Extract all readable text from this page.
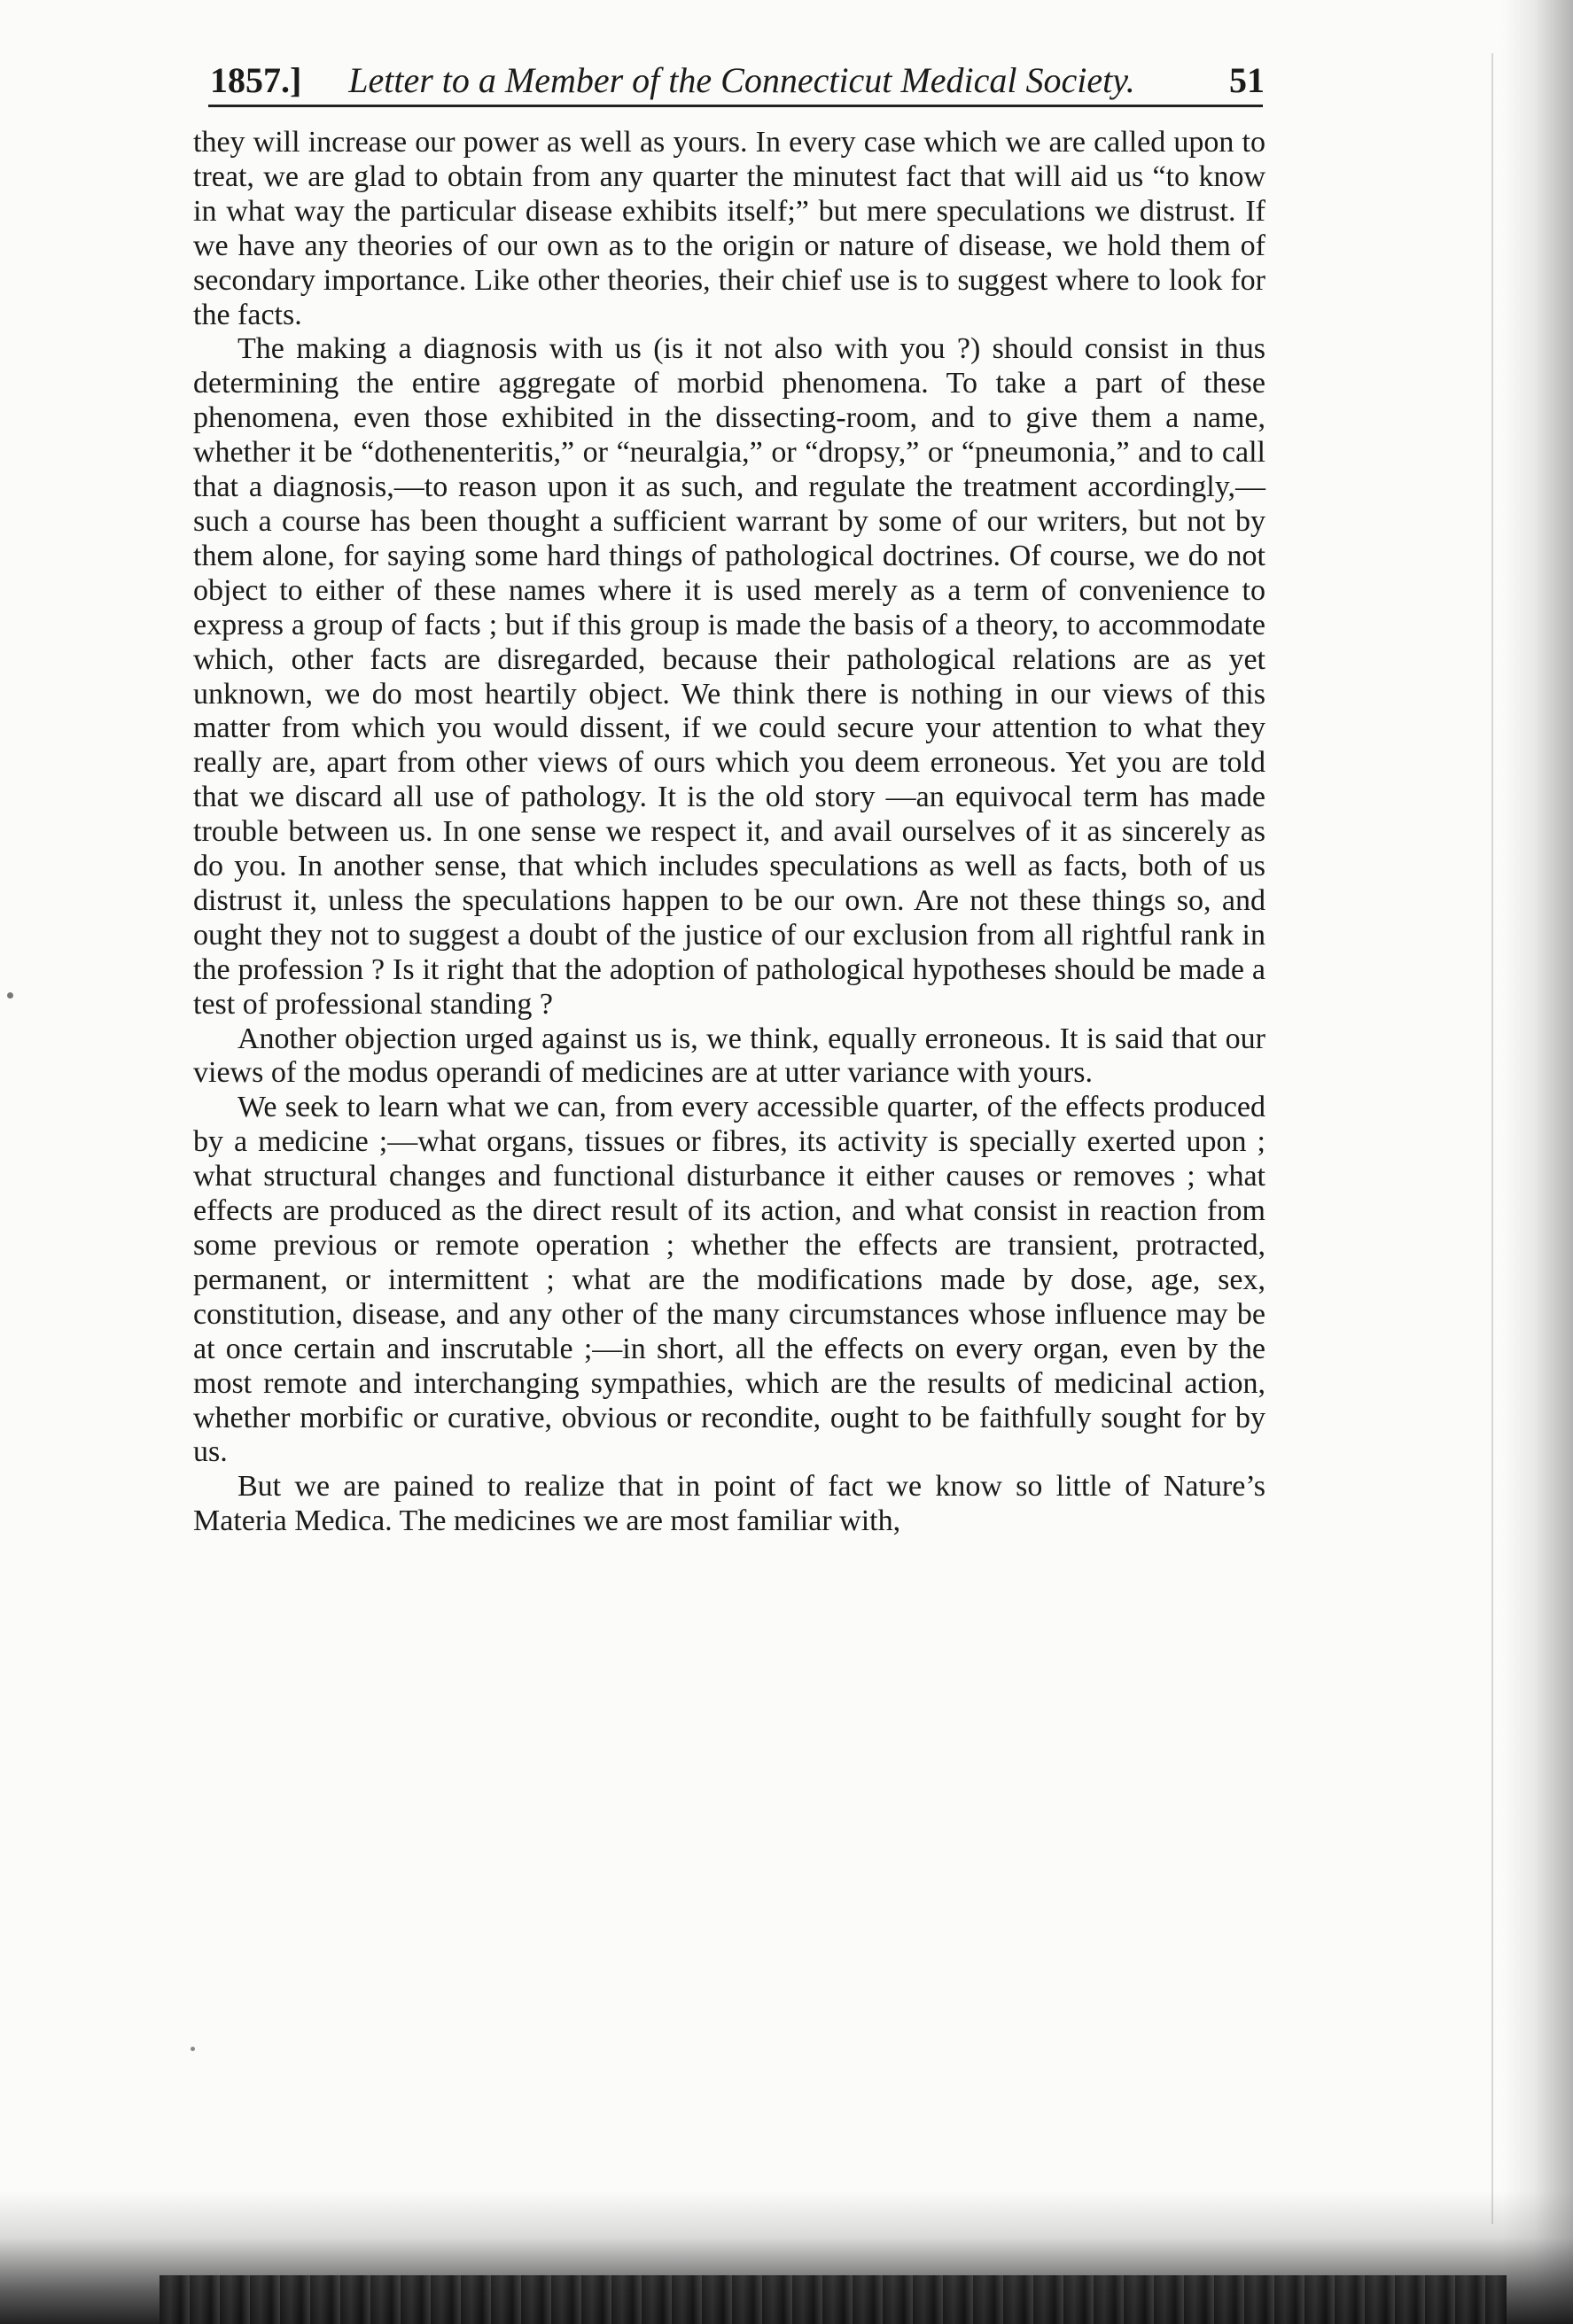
1857.] Letter to a Member of the Connecticut Medical Society.	51

they will increase our power as well as yours. In every case which we are called upon to treat, we are glad to obtain from any quarter the minutest fact that will aid us “to know in what way the particular disease exhibits itself;” but mere speculations we distrust. If we have any theories of our own as to the origin or nature of disease, we hold them of secondary importance. Like other theories, their chief use is to suggest where to look for the facts.

The making a diagnosis with us (is it not also with you ?) should consist in thus determining the entire aggregate of morbid phenomena. To take a part of these phenomena, even those exhibited in the dissecting-room, and to give them a name, whether it be “dothenenteritis,” or “neuralgia,” or “dropsy,” or “pneumonia,” and to call that a diagnosis,—to reason upon it as such, and regulate the treatment accordingly,—such a course has been thought a sufficient warrant by some of our writers, but not by them alone, for saying some hard things of pathological doctrines. Of course, we do not object to either of these names where it is used merely as a term of convenience to express a group of facts ; but if this group is made the basis of a theory, to accommodate which, other facts are disregarded, because their pathological relations are as yet unknown, we do most heartily object. We think there is nothing in our views of this matter from which you would dissent, if we could secure your attention to what they really are, apart from other views of ours which you deem erroneous. Yet you are told that we discard all use of pathology. It is the old story —an equivocal term has made trouble between us. In one sense we respect it, and avail ourselves of it as sincerely as do you. In another sense, that which includes speculations as well as facts, both of us distrust it, unless the speculations happen to be our own. Are not these things so, and ought they not to suggest a doubt of the justice of our exclusion from all rightful rank in the profession ? Is it right that the adoption of pathological hypotheses should be made a test of professional standing ?

Another objection urged against us is, we think, equally erroneous. It is said that our views of the modus operandi of medicines are at utter variance with yours.

We seek to learn what we can, from every accessible quarter, of the effects produced by a medicine ;—what organs, tissues or fibres, its activity is specially exerted upon ; what structural changes and functional disturbance it either causes or removes ; what effects are produced as the direct result of its action, and what consist in reaction from some previous or remote operation ; whether the effects are transient, protracted, permanent, or intermittent ; what are the modifications made by dose, age, sex, constitution, disease, and any other of the many circumstances whose influence may be at once certain and inscrutable ;—in short, all the effects on every organ, even by the most remote and interchanging sympathies, which are the results of medicinal action, whether morbific or curative, obvious or recondite, ought to be faithfully sought for by us.

But we are pained to realize that in point of fact we know so little of Nature’s Materia Medica. The medicines we are most familiar with,
